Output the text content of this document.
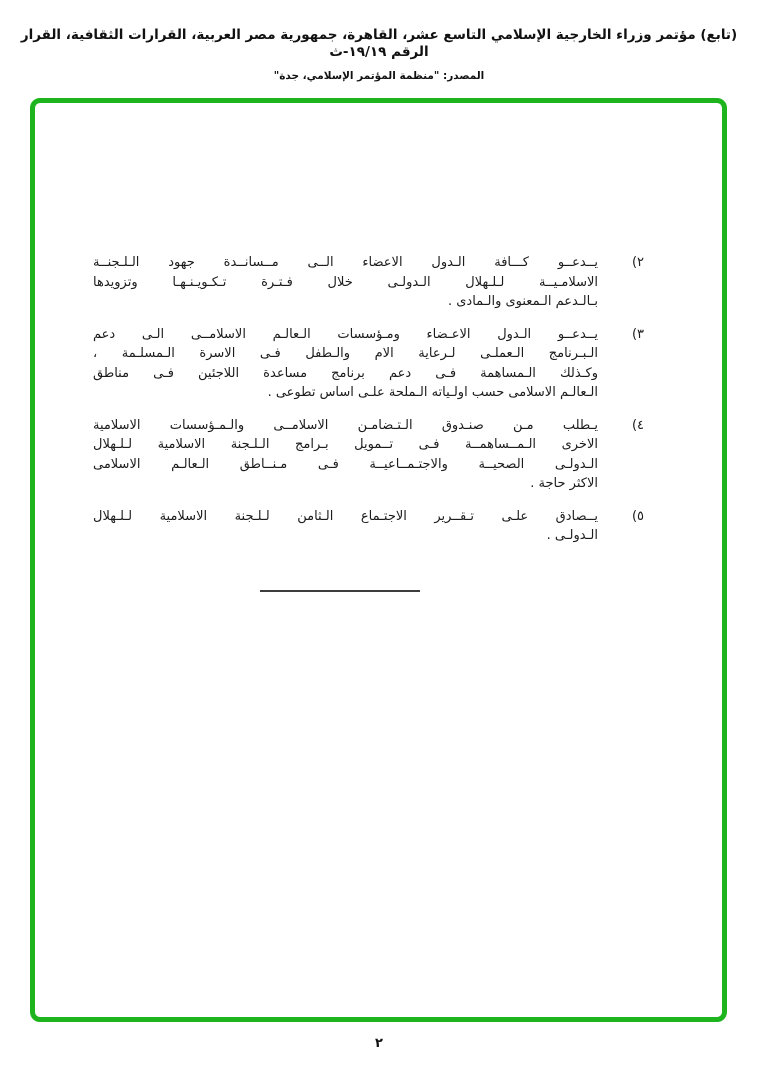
(تابع) مؤتمر وزراء الخارجية الإسلامي التاسع عشر، القاهرة، جمهورية مصر العربية، القرارات الثقافية، القرار الرقم ١٩/١٩-ث
المصدر: "منظمة المؤتمر الإسلامي، جدة"
٢)
يــدعــو كـــافة الـدول الاعضاء الــى مــسانــدة جهود الـلـجنــة
الاسلامـيــة لـلـهلال الـدولـى خلال فـتـرة تـكـويـنـهـا وتزويدها
بـالـدعم الـمعنوى والـمادى .
٣)
يــدعــو الـدول الاعـضاء ومـؤسسات الـعالـم الاسلامــى الـى دعم
الـبـرنامج الـعملـى لـرعاية الام والـطفل فـى الاسرة الـمسلـمة ،
وكـذلك الـمساهمة فـى دعم برنامج مساعدة اللاجئين فـى مناطق
الـعالـم الاسلامى حسب اولـياته الـملحة علـى اساس تطوعى .
٤)
يـطلب مـن صنـدوق الـتـضامـن الاسلامــى والـمـؤسسات الاسلامية
الاخرى الـمــساهمــة فـى تــمويل بـرامج الـلـجنة الاسلامية لـلـهلال
الـدولـى الصحيــة والاجتـمــاعيــة فـى مـنــاطق الـعالـم الاسلامى
الاكثر حاجة .
٥)
يــصادق علـى تـقــرير الاجتـماع الـثامن لـلـجنة الاسلامية لـلـهلال
الـدولـى .
٢
